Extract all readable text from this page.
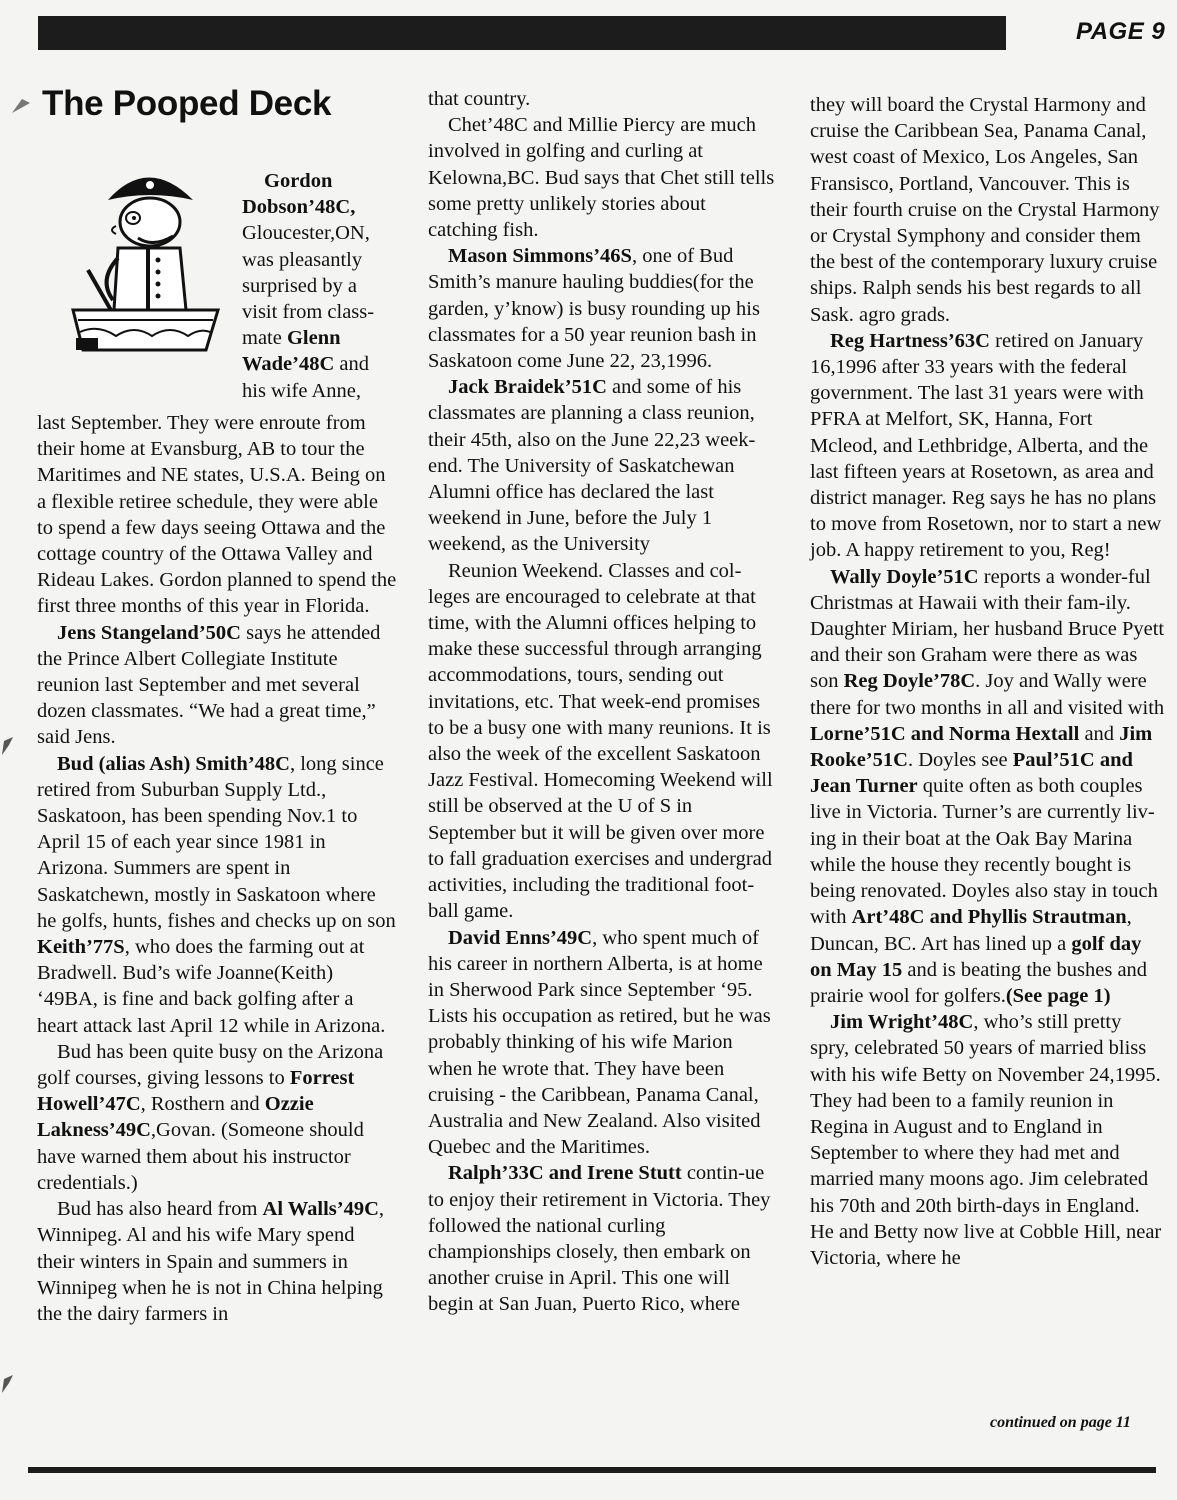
PAGE 9
The Pooped Deck

Gordon
Dobson’48C,
Gloucester,ON,
was pleasantly
surprised by a
visit from class-
mate Glenn
Wade’48C and
his wife Anne,

last September. They were enroute from their home at Evansburg, AB to tour the Maritimes and NE states, U.S.A. Being on a flexible retiree schedule, they were able to spend a few days seeing Ottawa and the cottage country of the Ottawa Valley and Rideau Lakes. Gordon planned to spend the first three months of this year in Florida.

Jens Stangeland’50C says he attended the Prince Albert Collegiate Institute reunion last September and met several dozen classmates. “We had a great time,” said Jens.

Bud (alias Ash) Smith’48C, long since retired from Suburban Supply Ltd., Saskatoon, has been spending Nov.1 to April 15 of each year since 1981 in Arizona. Summers are spent in Saskatchewn, mostly in Saskatoon where he golfs, hunts, fishes and checks up on son Keith’77S, who does the farming out at Bradwell. Bud’s wife Joanne(Keith) ‘49BA, is fine and back golfing after a heart attack last April 12 while in Arizona.

Bud has been quite busy on the Arizona golf courses, giving lessons to Forrest Howell’47C, Rosthern and Ozzie Lakness’49C,Govan. (Someone should have warned them about his instructor credentials.)

Bud has also heard from Al Walls’49C, Winnipeg. Al and his wife Mary spend their winters in Spain and summers in Winnipeg when he is not in China helping the the dairy farmers in

that country.

Chet’48C and Millie Piercy are much involved in golfing and curling at Kelowna,BC. Bud says that Chet still tells some pretty unlikely stories about catching fish.

Mason Simmons’46S, one of Bud Smith’s manure hauling buddies(for the garden, y’know) is busy rounding up his classmates for a 50 year reunion bash in Saskatoon come June 22, 23,1996.

Jack Braidek’51C and some of his classmates are planning a class reunion, their 45th, also on the June 22,23 week-end. The University of Saskatchewan Alumni office has declared the last weekend in June, before the July 1 weekend, as the University

Reunion Weekend. Classes and col-leges are encouraged to celebrate at that time, with the Alumni offices helping to make these successful through arranging accommodations, tours, sending out invitations, etc. That week-end promises to be a busy one with many reunions. It is also the week of the excellent Saskatoon Jazz Festival. Homecoming Weekend will still be observed at the U of S in September but it will be given over more to fall graduation exercises and undergrad activities, including the traditional foot-ball game.

David Enns’49C, who spent much of his career in northern Alberta, is at home in Sherwood Park since September ‘95. Lists his occupation as retired, but he was probably thinking of his wife Marion when he wrote that. They have been cruising - the Caribbean, Panama Canal, Australia and New Zealand. Also visited Quebec and the Maritimes.

Ralph’33C and Irene Stutt contin-ue to enjoy their retirement in Victoria. They followed the national curling championships closely, then embark on another cruise in April. This one will begin at San Juan, Puerto Rico, where

they will board the Crystal Harmony and cruise the Caribbean Sea, Panama Canal, west coast of Mexico, Los Angeles, San Fransisco, Portland, Vancouver. This is their fourth cruise on the Crystal Harmony or Crystal Symphony and consider them the best of the contemporary luxury cruise ships. Ralph sends his best regards to all Sask. agro grads.

Reg Hartness’63C retired on January 16,1996 after 33 years with the federal government. The last 31 years were with PFRA at Melfort, SK, Hanna, Fort Mcleod, and Lethbridge, Alberta, and the last fifteen years at Rosetown, as area and district manager. Reg says he has no plans to move from Rosetown, nor to start a new job. A happy retirement to you, Reg!

Wally Doyle’51C reports a wonder-ful Christmas at Hawaii with their fam-ily. Daughter Miriam, her husband Bruce Pyett and their son Graham were there as was son Reg Doyle’78C. Joy and Wally were there for two months in all and visited with Lorne’51C and Norma Hextall and Jim Rooke’51C. Doyles see Paul’51C and Jean Turner quite often as both couples live in Victoria. Turner’s are currently liv-ing in their boat at the Oak Bay Marina while the house they recently bought is being renovated. Doyles also stay in touch with Art’48C and Phyllis Strautman, Duncan, BC. Art has lined up a golf day on May 15 and is beating the bushes and prairie wool for golfers.(See page 1)

Jim Wright’48C, who’s still pretty spry, celebrated 50 years of married bliss with his wife Betty on November 24,1995. They had been to a family reunion in Regina in August and to England in September to where they had met and married many moons ago. Jim celebrated his 70th and 20th birth-days in England. He and Betty now live at Cobble Hill, near Victoria, where he

continued on page 11
